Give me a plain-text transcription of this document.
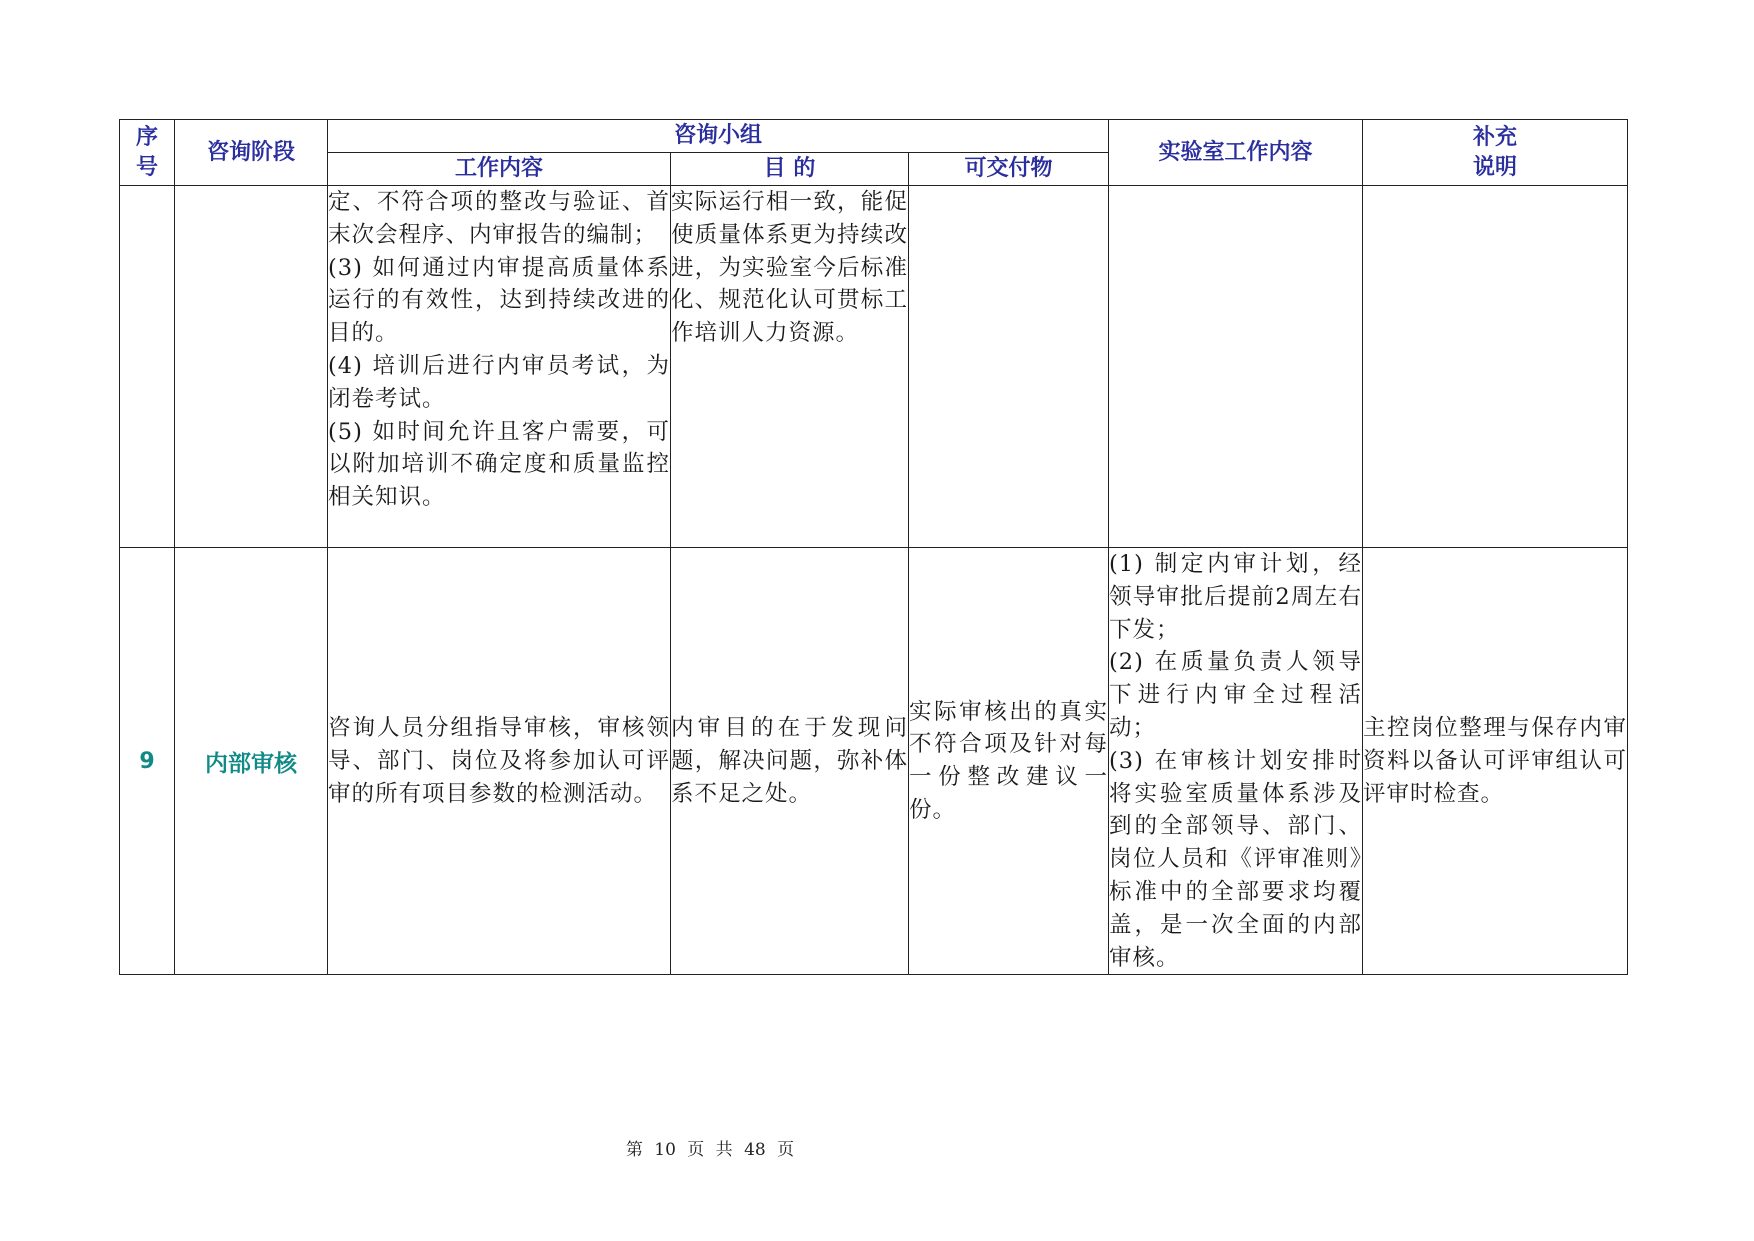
序
号	咨询阶段	咨询小组			实验室工作内容	补充
说明
		工作内容	目 的	可交付物		
		定、不符合项的整改与验证、首末次会程序、内审报告的编制；
(3) 如何通过内审提高质量体系运行的有效性，达到持续改进的目的。
(4) 培训后进行内审员考试，为闭卷考试。
(5) 如时间允许且客户需要，可以附加培训不确定度和质量监控相关知识。	实际运行相一致，能促使质量体系更为持续改进，为实验室今后标准化、规范化认可贯标工作培训人力资源。			
9	内部审核	咨询人员分组指导审核，审核领导、部门、岗位及将参加认可评审的所有项目参数的检测活动。	内审目的在于发现问题，解决问题，弥补体系不足之处。	实际审核出的真实不符合项及针对每一份整改建议一份。	(1) 制定内审计划，经领导审批后提前2周左右下发；
(2) 在质量负责人领导下进行内审全过程活动；
(3) 在审核计划安排时将实验室质量体系涉及到的全部领导、部门、岗位人员和《评审准则》标准中的全部要求均覆盖，是一次全面的内部审核。	主控岗位整理与保存内审资料以备认可评审组认可评审时检查。
第 10 页 共 48 页
